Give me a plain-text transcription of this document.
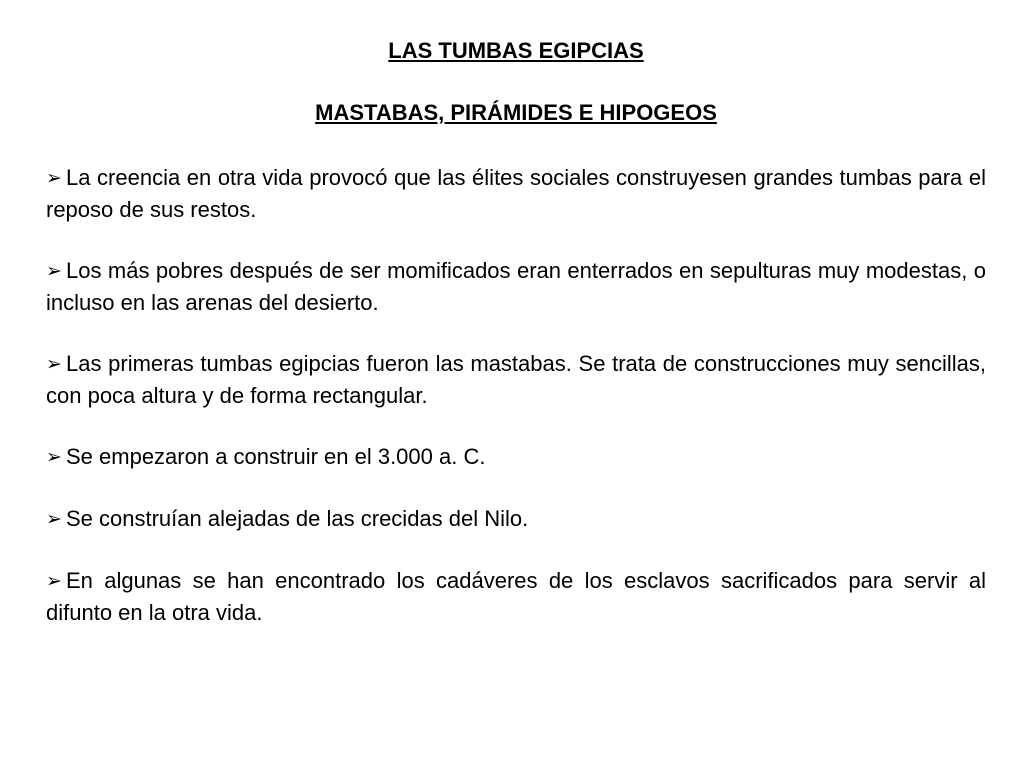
LAS TUMBAS EGIPCIAS
MASTABAS, PIRÁMIDES E HIPOGEOS
➢ La creencia en otra vida provocó que las élites sociales construyesen grandes tumbas para el reposo de sus restos.
➢ Los más pobres después de ser momificados eran enterrados en sepulturas muy modestas, o incluso en las arenas del desierto.
➢ Las primeras tumbas egipcias fueron las mastabas. Se trata de construcciones muy sencillas, con poca altura y de forma rectangular.
➢ Se empezaron a construir en el 3.000 a. C.
➢ Se construían alejadas de las crecidas del Nilo.
➢ En algunas se han encontrado los cadáveres de los esclavos sacrificados para servir al difunto en la otra vida.
